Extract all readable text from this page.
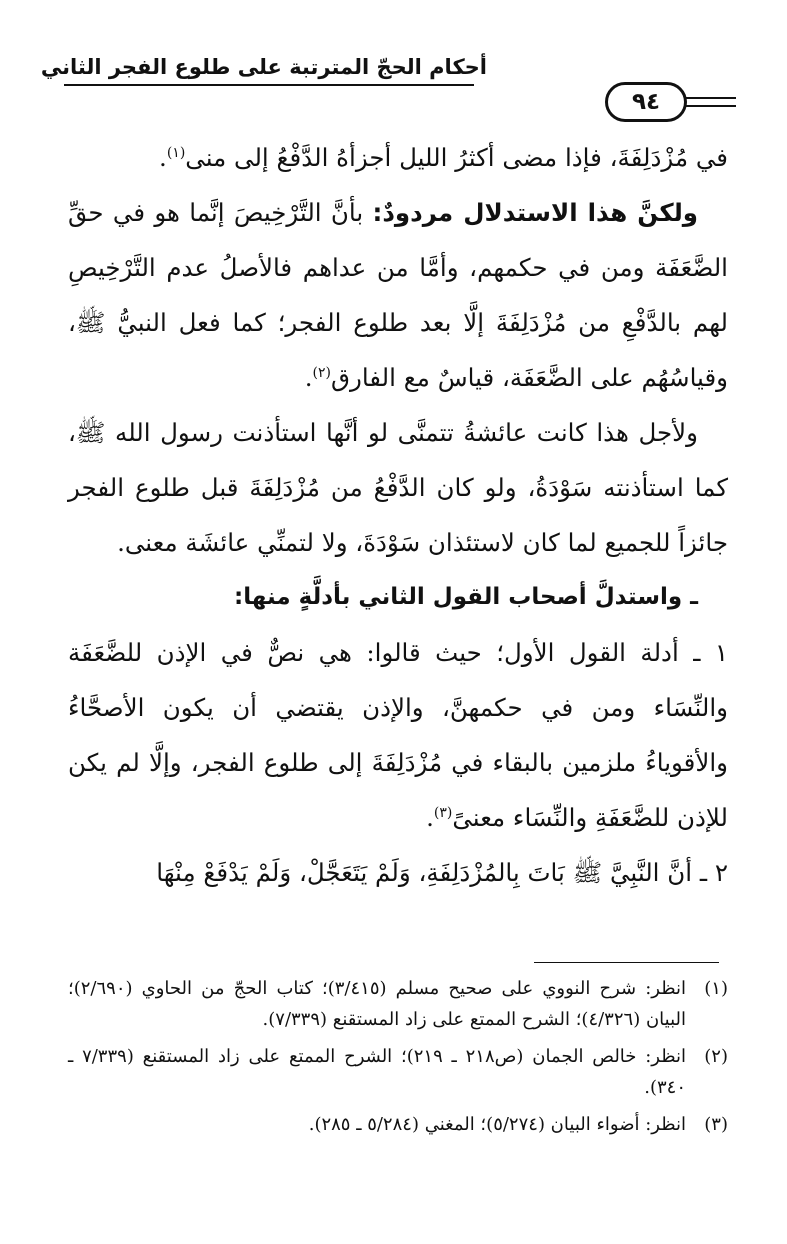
أحكام الحجّ المترتبة على طلوع الفجر الثاني
٩٤

في مُزْدَلِفَةَ، فإذا مضى أكثرُ الليل أجزأهُ الدَّفْعُ إلى منى$^{(١)}$.

ولكنَّ هذا الاستدلال مردودٌ: بأنَّ التَّرْخِيصَ إنَّما هو في حقِّ الضَّعَفَة ومن في حكمهم، وأمَّا من عداهم فالأصلُ عدم التَّرْخِيصِ لهم بالدَّفْعِ من مُزْدَلِفَةَ إلَّا بعد طلوع الفجر؛ كما فعل النبيُّ ﷺ، وقياسُهُم على الضَّعَفَة، قياسٌ مع الفارق$^{(٢)}$.

ولأجل هذا كانت عائشةُ تتمنَّى لو أنَّها استأذنت رسول الله ﷺ، كما استأذنته سَوْدَةُ، ولو كان الدَّفْعُ من مُزْدَلِفَةَ قبل طلوع الفجر جائزاً للجميع لما كان لاستئذان سَوْدَةَ، ولا لتمنِّي عائشَة معنى.

ـ واستدلَّ أصحاب القول الثاني بأدلَّةٍ منها:

١ ـ أدلة القول الأول؛ حيث قالوا: هي نصٌّ في الإذن للضَّعَفَة والنِّسَاء ومن في حكمهنَّ، والإذن يقتضي أن يكون الأصحَّاءُ والأقوياءُ ملزمين بالبقاء في مُزْدَلِفَةَ إلى طلوع الفجر، وإلَّا لم يكن للإذن للضَّعَفَةِ والنِّسَاء معنىً$^{(٣)}$.

٢ ـ أنَّ النَّبِيَّ ﷺ بَاتَ بِالمُزْدَلِفَةِ، وَلَمْ يَتَعَجَّلْ، وَلَمْ يَدْفَعْ مِنْهَا

(١)
انظر: شرح النووي على صحيح مسلم (٣/٤١٥)؛ كتاب الحجّ من الحاوي (٢/٦٩٠)؛ البيان (٤/٣٢٦)؛ الشرح الممتع على زاد المستقنع (٧/٣٣٩).
(٢)
انظر: خالص الجمان (ص٢١٨ ـ ٢١٩)؛ الشرح الممتع على زاد المستقنع (٧/٣٣٩ ـ ٣٤٠).
(٣)
انظر: أضواء البيان (٥/٢٧٤)؛ المغني (٥/٢٨٤ ـ ٢٨٥).
